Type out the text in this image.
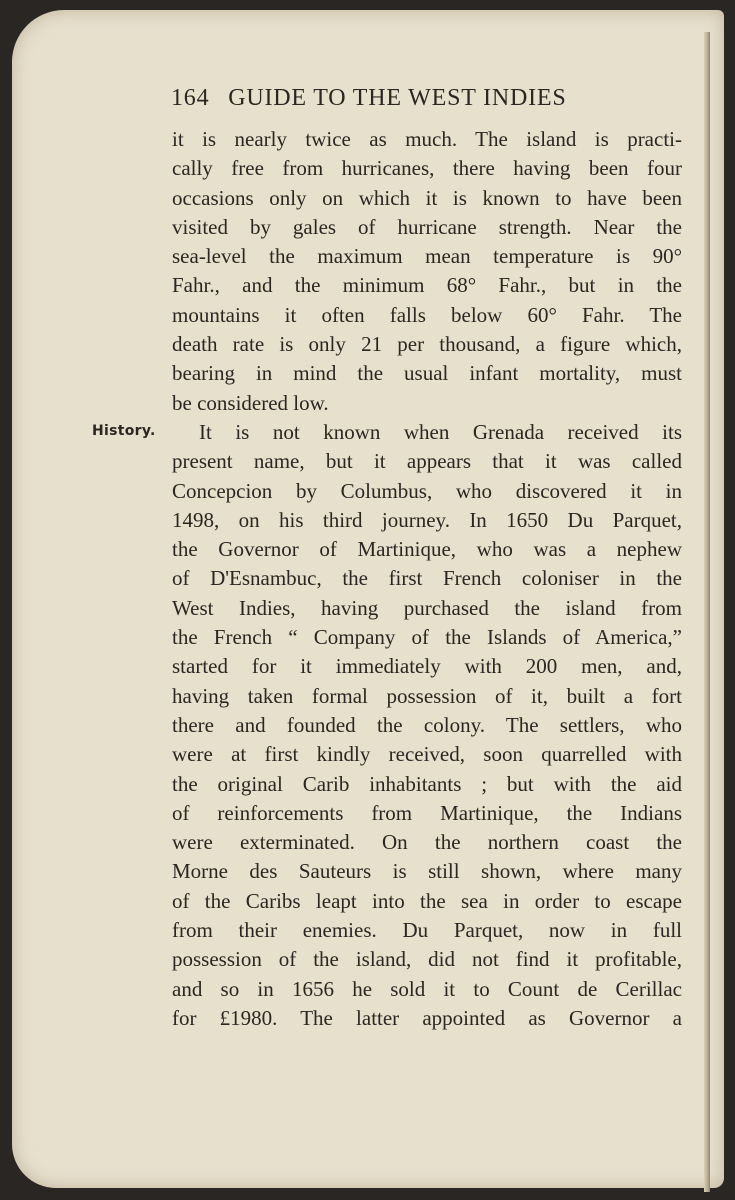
164 GUIDE TO THE WEST INDIES
History.
it is nearly twice as much. The island is practi-
cally free from hurricanes, there having been four
occasions only on which it is known to have been
visited by gales of hurricane strength. Near the
sea-level the maximum mean temperature is 90°
Fahr., and the minimum 68° Fahr., but in the
mountains it often falls below 60° Fahr. The
death rate is only 21 per thousand, a figure which,
bearing in mind the usual infant mortality, must
be considered low.
It is not known when Grenada received its
present name, but it appears that it was called
Concepcion by Columbus, who discovered it in
1498, on his third journey. In 1650 Du Parquet,
the Governor of Martinique, who was a nephew
of D'Esnambuc, the first French coloniser in the
West Indies, having purchased the island from
the French “ Company of the Islands of America,”
started for it immediately with 200 men, and,
having taken formal possession of it, built a fort
there and founded the colony. The settlers, who
were at first kindly received, soon quarrelled with
the original Carib inhabitants ; but with the aid
of reinforcements from Martinique, the Indians
were exterminated. On the northern coast the
Morne des Sauteurs is still shown, where many
of the Caribs leapt into the sea in order to escape
from their enemies. Du Parquet, now in full
possession of the island, did not find it profitable,
and so in 1656 he sold it to Count de Cerillac
for £1980. The latter appointed as Governor a
